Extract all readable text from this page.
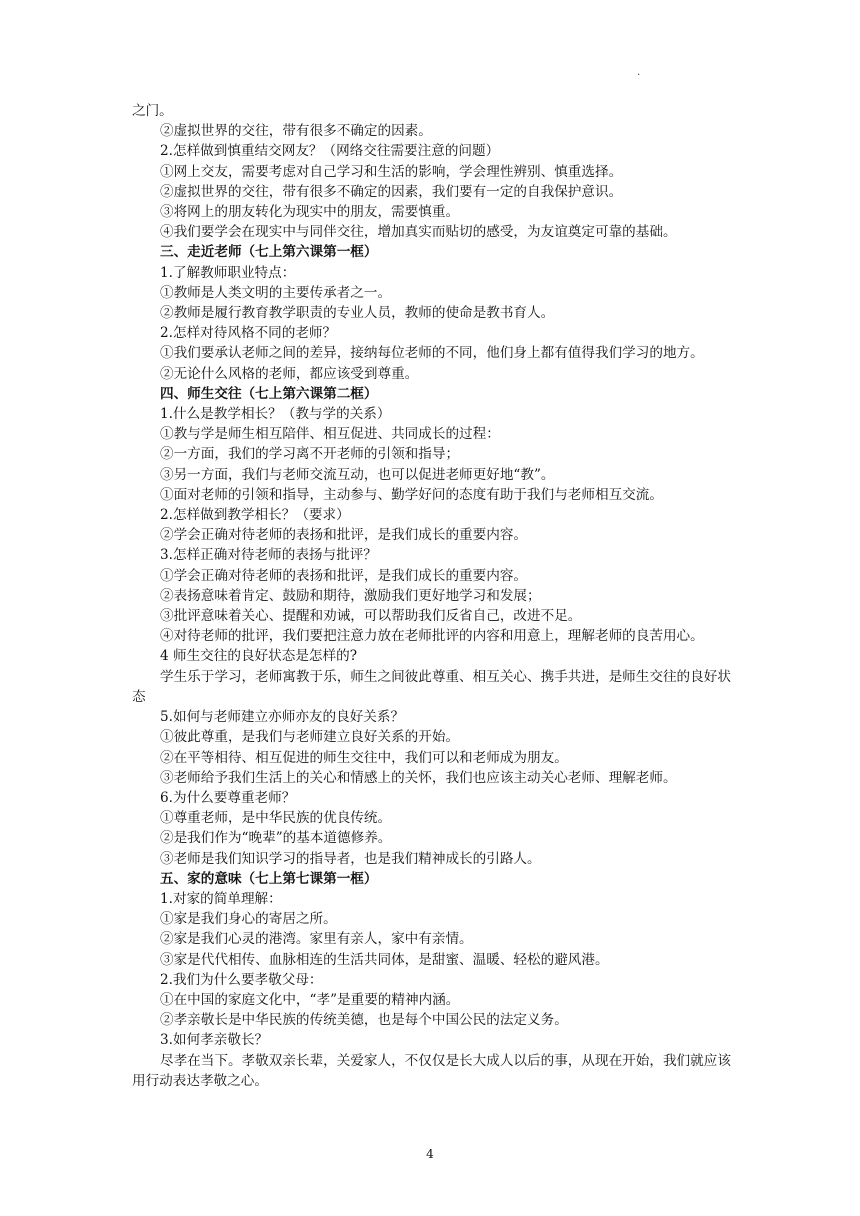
.
之门。
②虚拟世界的交往，带有很多不确定的因素。
2.怎样做到慎重结交网友？（网络交往需要注意的问题）
①网上交友，需要考虑对自己学习和生活的影响，学会理性辨别、慎重选择。
②虚拟世界的交往，带有很多不确定的因素，我们要有一定的自我保护意识。
③将网上的朋友转化为现实中的朋友，需要慎重。
④我们要学会在现实中与同伴交往，增加真实而贴切的感受，为友谊奠定可靠的基础。
三、走近老师（七上第六课第一框）
1.了解教师职业特点：
①教师是人类文明的主要传承者之一。
②教师是履行教育教学职责的专业人员，教师的使命是教书育人。
2.怎样对待风格不同的老师？
①我们要承认老师之间的差异，接纳每位老师的不同，他们身上都有值得我们学习的地方。
②无论什么风格的老师，都应该受到尊重。
四、师生交往（七上第六课第二框）
1.什么是教学相长？（教与学的关系）
①教与学是师生相互陪伴、相互促进、共同成长的过程：
②一方面，我们的学习离不开老师的引领和指导；
③另一方面，我们与老师交流互动，也可以促进老师更好地“教”。
①面对老师的引领和指导，主动参与、勤学好问的态度有助于我们与老师相互交流。
2.怎样做到教学相长？（要求）
②学会正确对待老师的表扬和批评，是我们成长的重要内容。
3.怎样正确对待老师的表扬与批评？
①学会正确对待老师的表扬和批评，是我们成长的重要内容。
②表扬意味着肯定、鼓励和期待，激励我们更好地学习和发展；
③批评意味着关心、提醒和劝诫，可以帮助我们反省自己，改进不足。
④对待老师的批评，我们要把注意力放在老师批评的内容和用意上，理解老师的良苦用心。
4 师生交往的良好状态是怎样的?
学生乐于学习，老师寓教于乐，师生之间彼此尊重、相互关心、携手共进，是师生交往的良好状态
5.如何与老师建立亦师亦友的良好关系？
①彼此尊重，是我们与老师建立良好关系的开始。
②在平等相待、相互促进的师生交往中，我们可以和老师成为朋友。
③老师给予我们生活上的关心和情感上的关怀，我们也应该主动关心老师、理解老师。
6.为什么要尊重老师？
①尊重老师，是中华民族的优良传统。
②是我们作为“晚辈”的基本道德修养。
③老师是我们知识学习的指导者，也是我们精神成长的引路人。
五、家的意味（七上第七课第一框）
1.对家的简单理解：
①家是我们身心的寄居之所。
②家是我们心灵的港湾。家里有亲人，家中有亲情。
③家是代代相传、血脉相连的生活共同体，是甜蜜、温暖、轻松的避风港。
2.我们为什么要孝敬父母：
①在中国的家庭文化中，“孝”是重要的精神内涵。
②孝亲敬长是中华民族的传统美德，也是每个中国公民的法定义务。
3.如何孝亲敬长？
尽孝在当下。孝敬双亲长辈，关爱家人，不仅仅是长大成人以后的事，从现在开始，我们就应该用行动表达孝敬之心。
4
